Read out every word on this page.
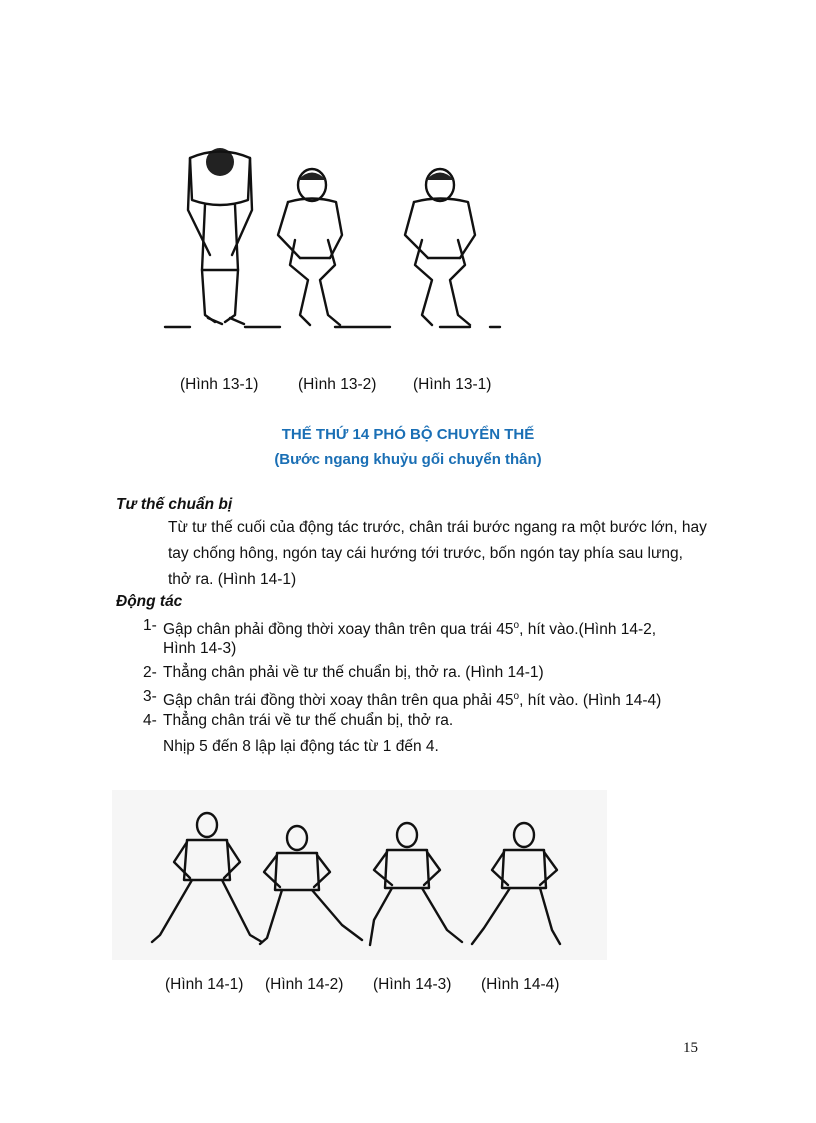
(Hình 13-1)	(Hình 13-2) (Hình 13-1)
THẾ THỨ 14 PHÓ BỘ CHUYỂN THẾ
(Bước ngang khuỷu gối chuyển thân)
Tư thế chuẩn bị
Từ tư thế cuối của động tác trước, chân trái bước ngang ra một bước lớn, hay tay chống hông, ngón tay cái hướng tới trước, bốn ngón tay phía sau lưng, thở ra. (Hình 14-1)
Động tác
1- Gập chân phải đồng thời xoay thân trên qua trái 45$^o$, hít vào.(Hình 14-2,
Hình 14-3)
2- Thẳng chân phải về tư thế chuẩn bị, thở ra. (Hình 14-1)
3- Gập chân trái đồng thời xoay thân trên qua phải 45$^o$, hít vào. (Hình 14-4)
4- Thẳng chân trái về tư thế chuẩn bị, thở ra.
Nhịp 5 đến 8 lập lại động tác từ 1 đến 4.
(Hình 14-1) (Hình 14-2) (Hình 14-3) (Hình 14-4)
15
